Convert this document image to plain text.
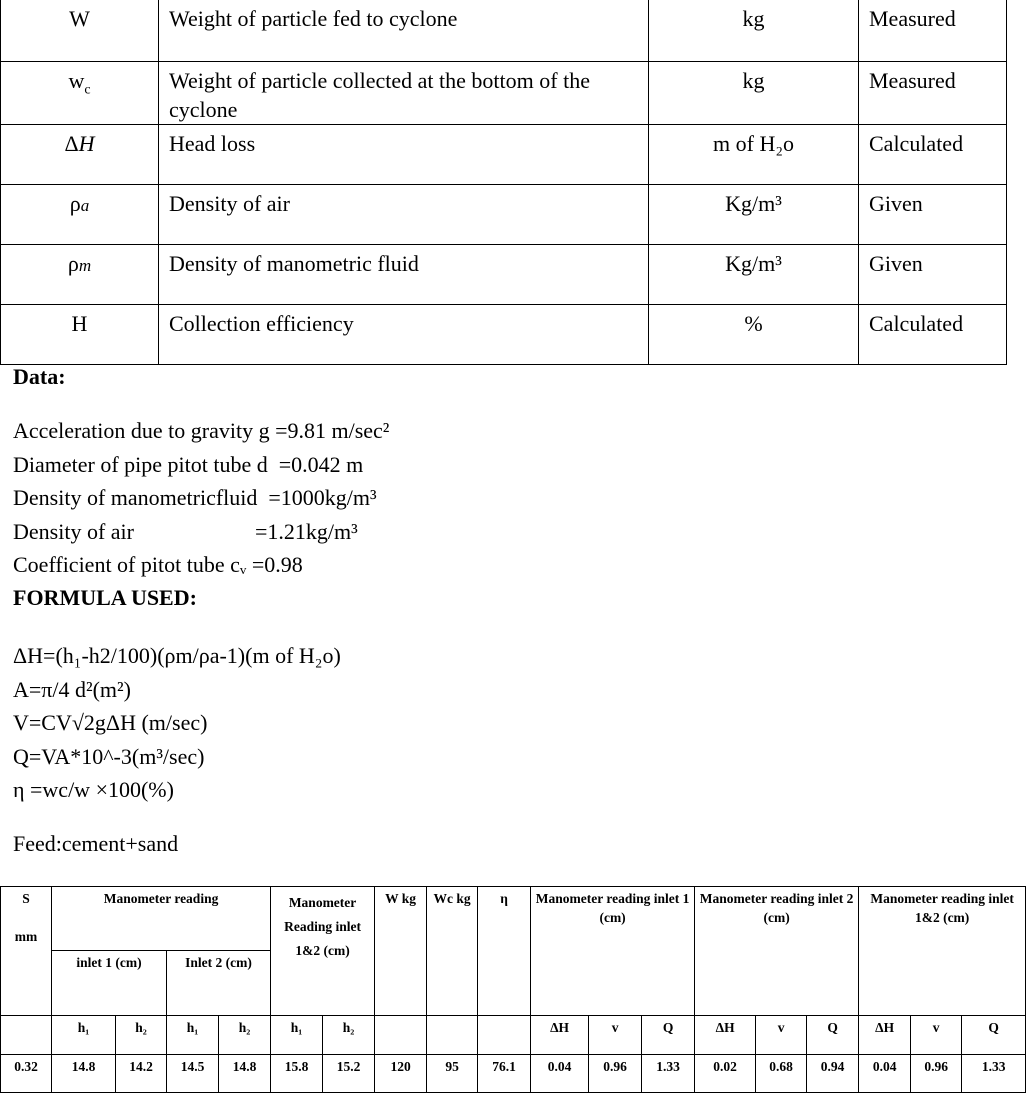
W	Weight of particle fed to cyclone	kg	Measured
$w_c$	Weight of particle collected at the bottom of the cyclone	kg	Measured
ΔH	Head loss	m of H₂o	Calculated
ρa	Density of air	Kg/m³	Given
ρm	Density of manometric fluid	Kg/m³	Given
H	Collection efficiency	%	Calculated
Data:
Acceleration due to gravity g =9.81 m/sec²
Diameter of pipe pitot tube d  =0.042 m
Density of manometricfluid  =1000kg/m³
Density of air                      =1.21kg/m³
Coefficient of pitot tube cᵥ =0.98
FORMULA USED:
ΔH=(h₁-h2/100)(ρm/ρa-1)(m of H₂o)
A=π/4 d²(m²)
V=CV√2gΔH (m/sec)
Q=VA*10^-3(m³/sec)
η =wc/w ×100(%)
Feed:cement+sand
S

mm	Manometer reading				Manometer Reading inlet 1&2 (cm)		W kg	Wc kg	η	Manometer reading inlet 1 (cm)			Manometer reading inlet 2 (cm)			Manometer reading inlet 1&2 (cm)		
	inlet 1 (cm)		Inlet 2 (cm)															
	h₁	h₂	h₁	h₂	h₁	h₂				ΔH	v	Q	ΔH	v	Q	ΔH	v	Q
0.32	14.8	14.2	14.5	14.8	15.8	15.2	120	95	76.1	0.04	0.96	1.33	0.02	0.68	0.94	0.04	0.96	1.33
